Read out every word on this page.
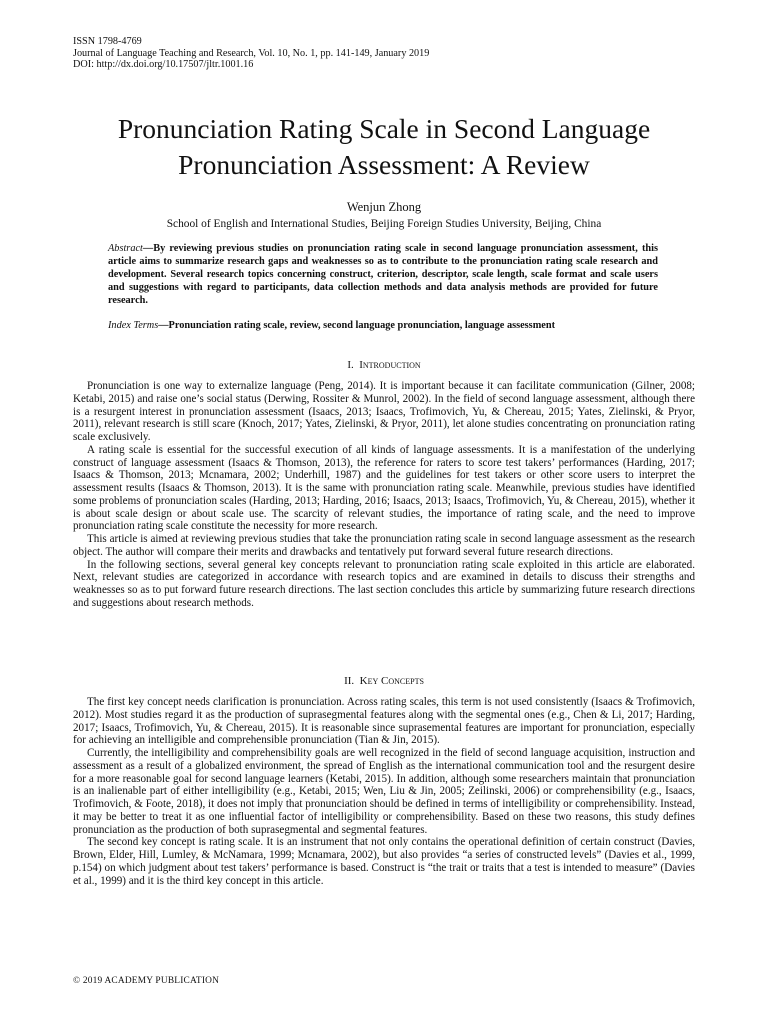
ISSN 1798-4769
Journal of Language Teaching and Research, Vol. 10, No. 1, pp. 141-149, January 2019
DOI: http://dx.doi.org/10.17507/jltr.1001.16
Pronunciation Rating Scale in Second Language
Pronunciation Assessment: A Review
Wenjun Zhong
School of English and International Studies, Beijing Foreign Studies University, Beijing, China
Abstract—By reviewing previous studies on pronunciation rating scale in second language pronunciation assessment, this article aims to summarize research gaps and weaknesses so as to contribute to the pronunciation rating scale research and development. Several research topics concerning construct, criterion, descriptor, scale length, scale format and scale users and suggestions with regard to participants, data collection methods and data analysis methods are provided for future research.
Index Terms—Pronunciation rating scale, review, second language pronunciation, language assessment
I. Introduction

Pronunciation is one way to externalize language (Peng, 2014). It is important because it can facilitate communication (Gilner, 2008; Ketabi, 2015) and raise one’s social status (Derwing, Rossiter & Munrol, 2002). In the field of second language assessment, although there is a resurgent interest in pronunciation assessment (Isaacs, 2013; Isaacs, Trofimovich, Yu, & Chereau, 2015; Yates, Zielinski, & Pryor, 2011), relevant research is still scare (Knoch, 2017; Yates, Zielinski, & Pryor, 2011), let alone studies concentrating on pronunciation rating scale exclusively.

A rating scale is essential for the successful execution of all kinds of language assessments. It is a manifestation of the underlying construct of language assessment (Isaacs & Thomson, 2013), the reference for raters to score test takers’ performances (Harding, 2017; Isaacs & Thomson, 2013; Mcnamara, 2002; Underhill, 1987) and the guidelines for test takers or other score users to interpret the assessment results (Isaacs & Thomson, 2013). It is the same with pronunciation rating scale. Meanwhile, previous studies have identified some problems of pronunciation scales (Harding, 2013; Harding, 2016; Isaacs, 2013; Isaacs, Trofimovich, Yu, & Chereau, 2015), whether it is about scale design or about scale use. The scarcity of relevant studies, the importance of rating scale, and the need to improve pronunciation rating scale constitute the necessity for more research.

This article is aimed at reviewing previous studies that take the pronunciation rating scale in second language assessment as the research object. The author will compare their merits and drawbacks and tentatively put forward several future research directions.

In the following sections, several general key concepts relevant to pronunciation rating scale exploited in this article are elaborated. Next, relevant studies are categorized in accordance with research topics and are examined in details to discuss their strengths and weaknesses so as to put forward future research directions. The last section concludes this article by summarizing future research directions and suggestions about research methods.

II. Key Concepts

The first key concept needs clarification is pronunciation. Across rating scales, this term is not used consistently (Isaacs & Trofimovich, 2012). Most studies regard it as the production of suprasegmental features along with the segmental ones (e.g., Chen & Li, 2017; Harding, 2017; Isaacs, Trofimovich, Yu, & Chereau, 2015). It is reasonable since suprasemental features are important for pronunciation, especially for achieving an intelligible and comprehensible pronunciation (Tian & Jin, 2015).

Currently, the intelligibility and comprehensibility goals are well recognized in the field of second language acquisition, instruction and assessment as a result of a globalized environment, the spread of English as the international communication tool and the resurgent desire for a more reasonable goal for second language learners (Ketabi, 2015). In addition, although some researchers maintain that pronunciation is an inalienable part of either intelligibility (e.g., Ketabi, 2015; Wen, Liu & Jin, 2005; Zeilinski, 2006) or comprehensibility (e.g., Isaacs, Trofimovich, & Foote, 2018), it does not imply that pronunciation should be defined in terms of intelligibility or comprehensibility. Instead, it may be better to treat it as one influential factor of intelligibility or comprehensibility. Based on these two reasons, this study defines pronunciation as the production of both suprasegmental and segmental features.

The second key concept is rating scale. It is an instrument that not only contains the operational definition of certain construct (Davies, Brown, Elder, Hill, Lumley, & McNamara, 1999; Mcnamara, 2002), but also provides “a series of constructed levels” (Davies et al., 1999, p.154) on which judgment about test takers’ performance is based. Construct is “the trait or traits that a test is intended to measure” (Davies et al., 1999) and it is the third key concept in this article.

© 2019 ACADEMY PUBLICATION
